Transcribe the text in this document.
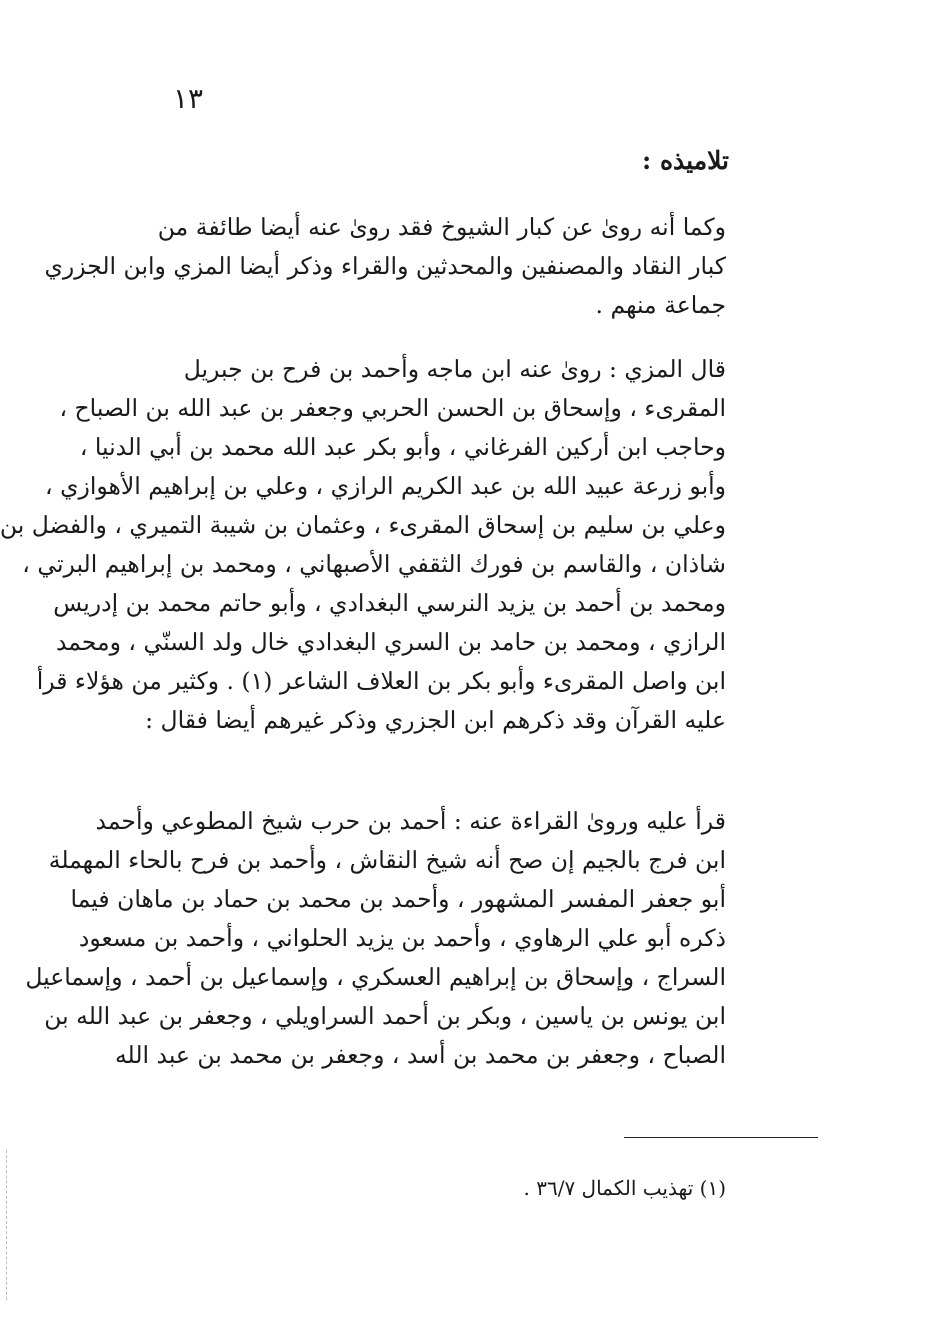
١٣
تلاميذه :
وكما أنه روىٰ عن كبار الشيوخ فقد روىٰ عنه أيضا طائفة من
كبار النقاد والمصنفين والمحدثين والقراء وذكر أيضا المزي وابن الجزري
جماعة منهم .
قال المزي : روىٰ عنه ابن ماجه وأحمد بن فرح بن جبريل
المقرىء ، وإسحاق بن الحسن الحربي وجعفر بن عبد الله بن الصباح ،
وحاجب ابن أركين الفرغاني ، وأبو بكر عبد الله محمد بن أبي الدنيا ،
وأبو زرعة عبيد الله بن عبد الكريم الرازي ، وعلي بن إبراهيم الأهوازي ،
وعلي بن سليم بن إسحاق المقرىء ، وعثمان بن شيبة التميري ، والفضل بن
شاذان ، والقاسم بن فورك الثقفي الأصبهاني ، ومحمد بن إبراهيم البرتي ،
ومحمد بن أحمد بن يزيد النرسي البغدادي ، وأبو حاتم محمد بن إدريس
الرازي ، ومحمد بن حامد بن السري البغدادي خال ولد السنّي ، ومحمد
ابن واصل المقرىء وأبو بكر بن العلاف الشاعر (١) . وكثير من هؤلاء قرأ
عليه القرآن وقد ذكرهم ابن الجزري وذكر غيرهم أيضا فقال :
قرأ عليه وروىٰ القراءة عنه : أحمد بن حرب شيخ المطوعي وأحمد
ابن فرج بالجيم إن صح أنه شيخ النقاش ، وأحمد بن فرح بالحاء المهملة
أبو جعفر المفسر المشهور ، وأحمد بن محمد بن حماد بن ماهان فيما
ذكره أبو علي الرهاوي ، وأحمد بن يزيد الحلواني ، وأحمد بن مسعود
السراج ، وإسحاق بن إبراهيم العسكري ، وإسماعيل بن أحمد ، وإسماعيل
ابن يونس بن ياسين ، وبكر بن أحمد السراويلي ، وجعفر بن عبد الله بن
الصباح ، وجعفر بن محمد بن أسد ، وجعفر بن محمد بن عبد الله
(١) تهذيب الكمال ٣٦/٧ .
